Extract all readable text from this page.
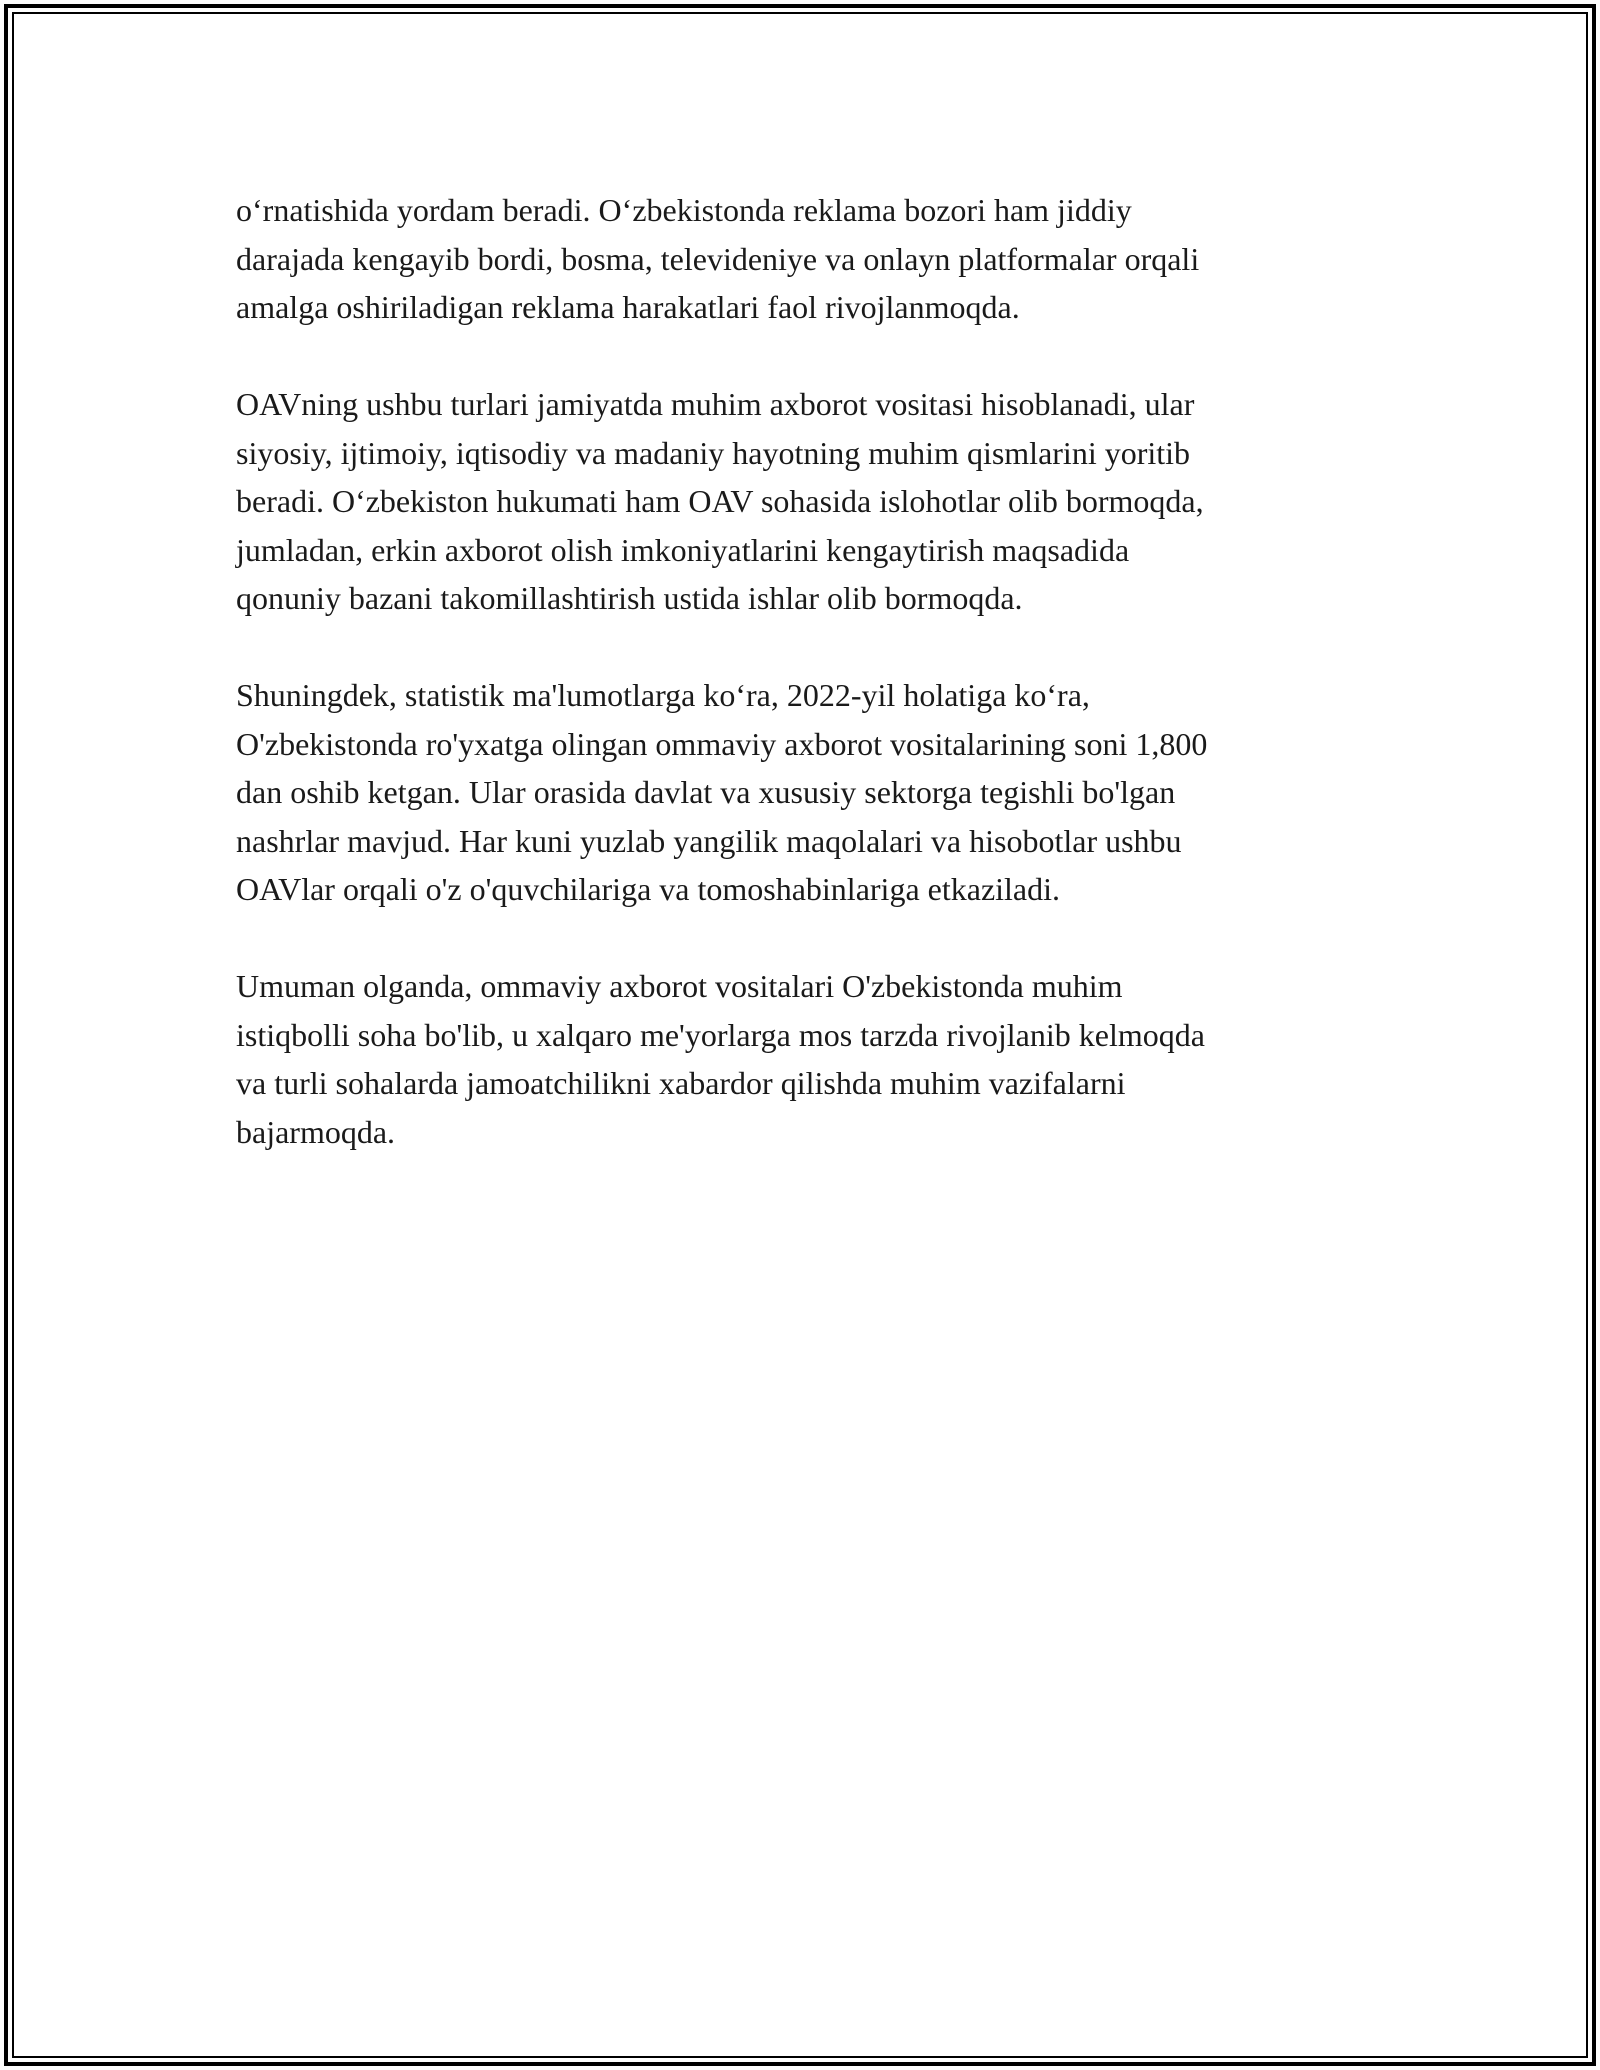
o‘rnatishida yordam beradi. O‘zbekistonda reklama bozori ham jiddiy
darajada kengayib bordi, bosma, televideniye va onlayn platformalar orqali
amalga oshiriladigan reklama harakatlari faol rivojlanmoqda.

OAVning ushbu turlari jamiyatda muhim axborot vositasi hisoblanadi, ular
siyosiy, ijtimoiy, iqtisodiy va madaniy hayotning muhim qismlarini yoritib
beradi. O‘zbekiston hukumati ham OAV sohasida islohotlar olib bormoqda,
jumladan, erkin axborot olish imkoniyatlarini kengaytirish maqsadida
qonuniy bazani takomillashtirish ustida ishlar olib bormoqda.

Shuningdek, statistik ma'lumotlarga ko‘ra, 2022-yil holatiga ko‘ra,
O'zbekistonda ro'yxatga olingan ommaviy axborot vositalarining soni 1,800
dan oshib ketgan. Ular orasida davlat va xususiy sektorga tegishli bo'lgan
nashrlar mavjud. Har kuni yuzlab yangilik maqolalari va hisobotlar ushbu
OAVlar orqali o'z o'quvchilariga va tomoshabinlariga etkaziladi.

Umuman olganda, ommaviy axborot vositalari O'zbekistonda muhim
istiqbolli soha bo'lib, u xalqaro me'yorlarga mos tarzda rivojlanib kelmoqda
va turli sohalarda jamoatchilikni xabardor qilishda muhim vazifalarni
bajarmoqda.
